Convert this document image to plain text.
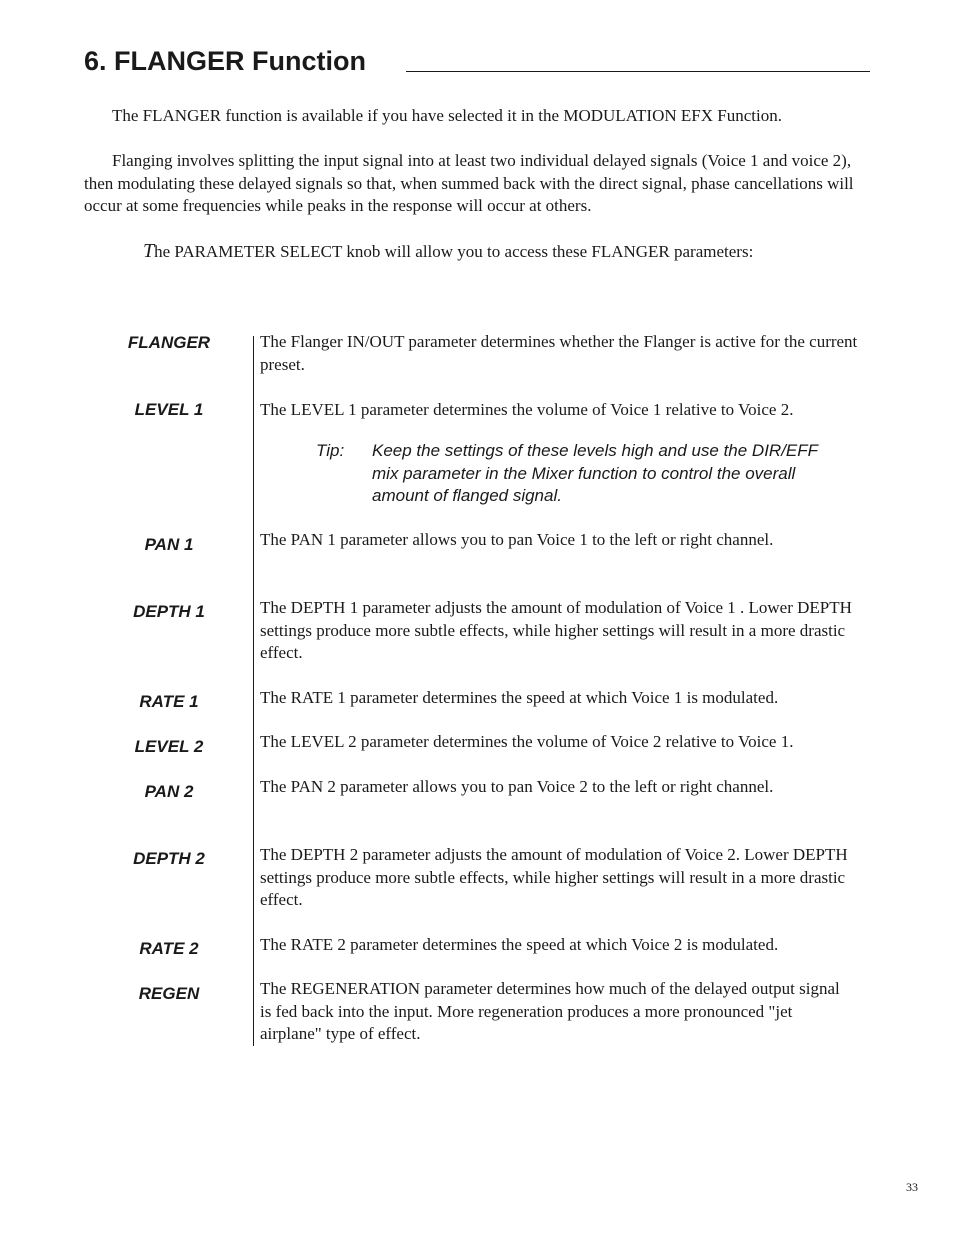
6. FLANGER Function

The FLANGER function is available if you have selected it in the MODULATION EFX Function.

Flanging involves splitting the input signal into at least two individual delayed signals (Voice 1 and voice 2), then modulating these delayed signals so that, when summed back with the direct signal, phase cancellations will occur at some frequencies while peaks in the response will occur at others.

The PARAMETER SELECT knob will allow you to access these FLANGER parameters:

FLANGER	The Flanger IN/OUT parameter determines whether the Flanger is active for the current preset.
LEVEL 1	The LEVEL 1 parameter determines the volume of Voice 1 relative to Voice 2.
Tip: Keep the settings of these levels high and use the DIR/EFF mix parameter in the Mixer function to control the overall amount of flanged signal.
PAN 1	The PAN 1 parameter allows you to pan Voice 1 to the left or right channel.
DEPTH 1	The DEPTH 1 parameter adjusts the amount of modulation of Voice 1 . Lower DEPTH settings produce more subtle effects, while higher settings will result in a more drastic effect.
RATE 1	The RATE 1 parameter determines the speed at which Voice 1 is modulated.
LEVEL 2	The LEVEL 2 parameter determines the volume of Voice 2 relative to Voice 1.
PAN 2	The PAN 2 parameter allows you to pan Voice 2 to the left or right channel.
DEPTH 2	The DEPTH 2 parameter adjusts the amount of modulation of Voice 2. Lower DEPTH settings produce more subtle effects, while higher settings will result in a more drastic effect.
RATE 2	The RATE 2 parameter determines the speed at which Voice 2 is modulated.
REGEN	The REGENERATION parameter determines how much of the delayed output signal is fed back into the input. More regeneration produces a more pronounced "jet airplane" type of effect.
33
